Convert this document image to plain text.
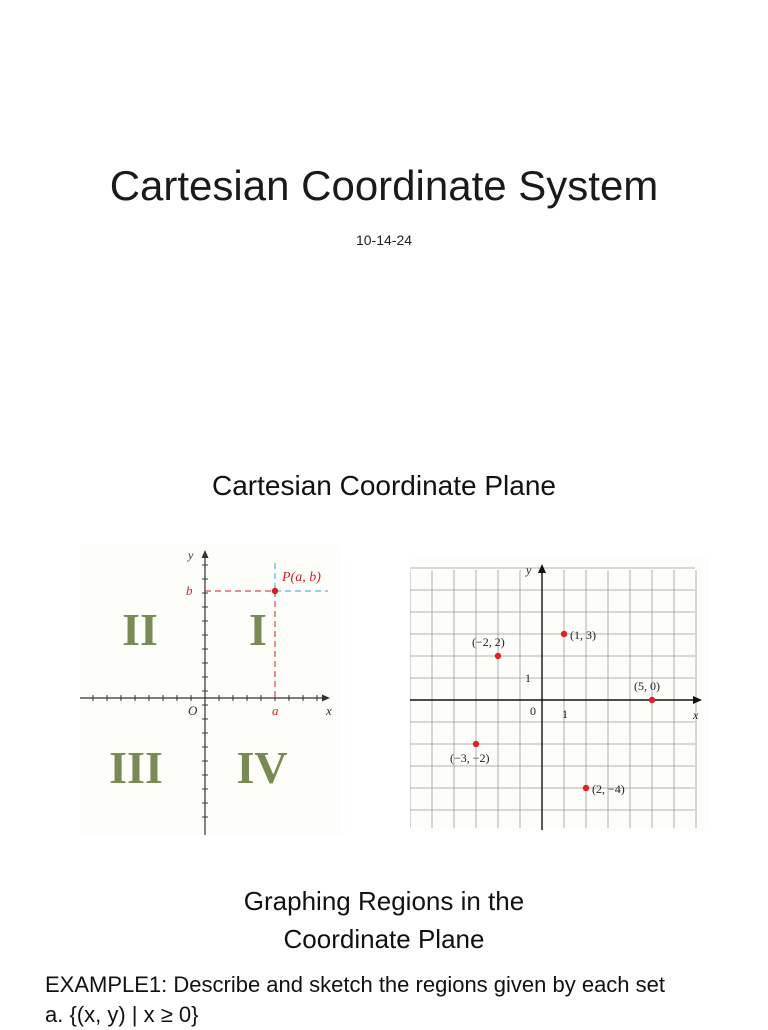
Cartesian Coordinate System
10-14-24
Cartesian Coordinate Plane
y
x
O	a
b
P(a, b)
II I
III IV
y
x
0 1
1
(−2, 2)	(1, 3)
(5, 0)
(−3, −2)
(2, −4)
Graphing Regions in the
Coordinate Plane
EXAMPLE1: Describe and sketch the regions given by each set
a. {(x, y) | x ≥ 0}
